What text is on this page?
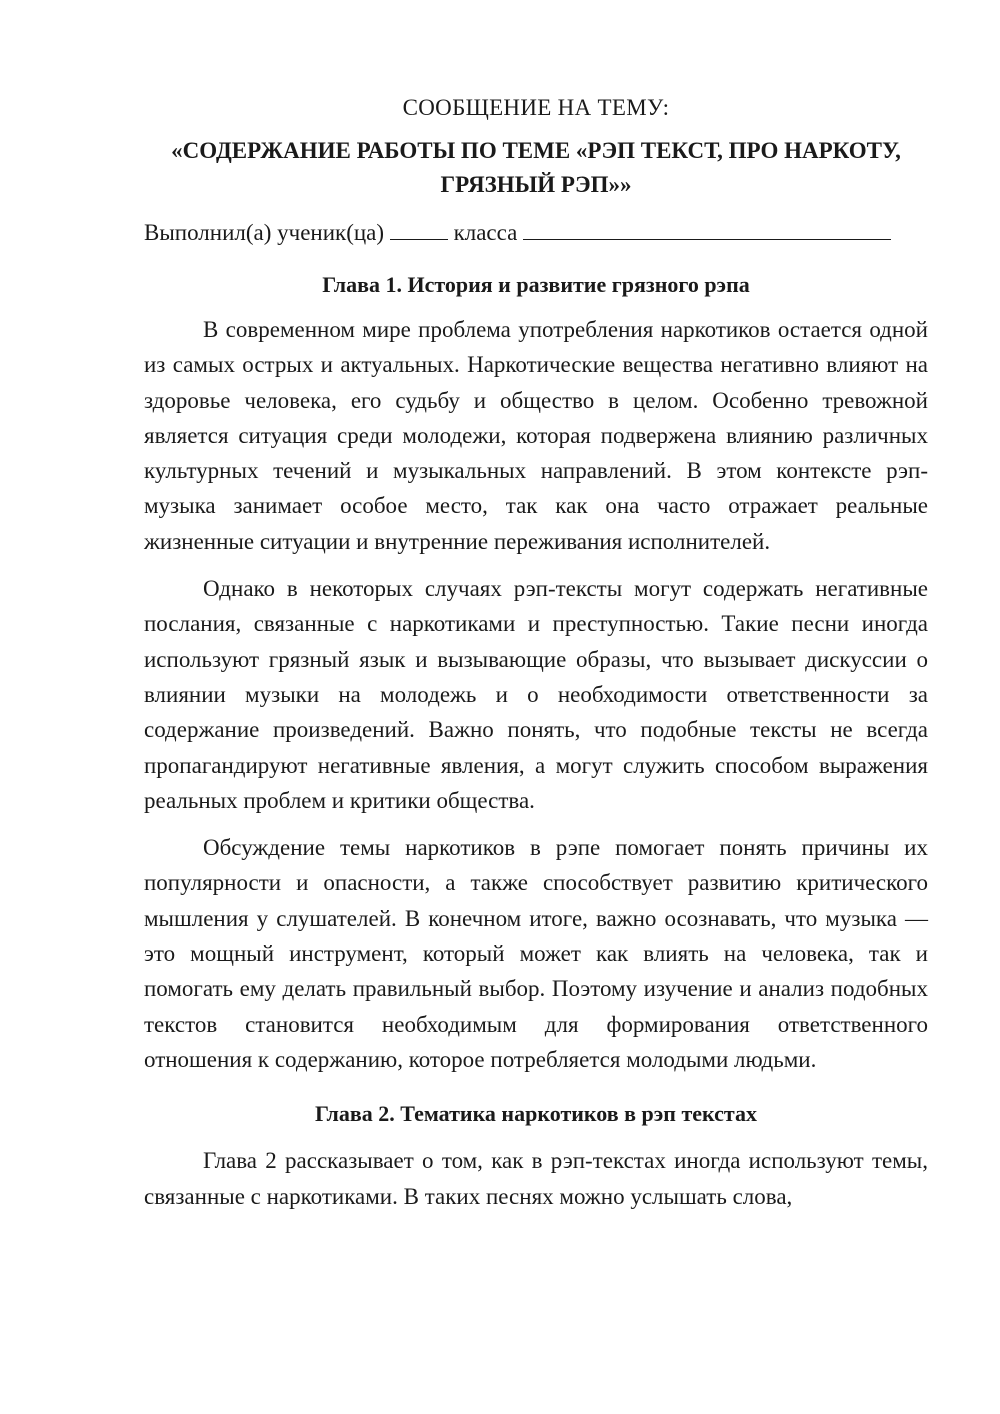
СООБЩЕНИЕ НА ТЕМУ:

«СОДЕРЖАНИЕ РАБОТЫ ПО ТЕМЕ «РЭП ТЕКСТ, ПРО НАРКОТУ,
ГРЯЗНЫЙ РЭП»»

Выполнил(а) ученик(ца)	класса

Глава 1. История и развитие грязного рэпа

В современном мире проблема употребления наркотиков остается одной из самых острых и актуальных. Наркотические вещества негативно влияют на здоровье человека, его судьбу и общество в целом. Особенно тревожной является ситуация среди молодежи, которая подвержена влиянию различных культурных течений и музыкальных направлений. В этом контексте рэп-музыка занимает особое место, так как она часто отражает реальные жизненные ситуации и внутренние переживания исполнителей.

Однако в некоторых случаях рэп-тексты могут содержать негативные послания, связанные с наркотиками и преступностью. Такие песни иногда используют грязный язык и вызывающие образы, что вызывает дискуссии о влиянии музыки на молодежь и о необходимости ответственности за содержание произведений. Важно понять, что подобные тексты не всегда пропагандируют негативные явления, а могут служить способом выражения реальных проблем и критики общества.

Обсуждение темы наркотиков в рэпе помогает понять причины их популярности и опасности, а также способствует развитию критического мышления у слушателей. В конечном итоге, важно осознавать, что музыка — это мощный инструмент, который может как влиять на человека, так и помогать ему делать правильный выбор. Поэтому изучение и анализ подобных текстов становится необходимым для формирования ответственного отношения к содержанию, которое потребляется молодыми людьми.

Глава 2. Тематика наркотиков в рэп текстах

Глава 2 рассказывает о том, как в рэп-текстах иногда используют темы, связанные с наркотиками. В таких песнях можно услышать слова,
